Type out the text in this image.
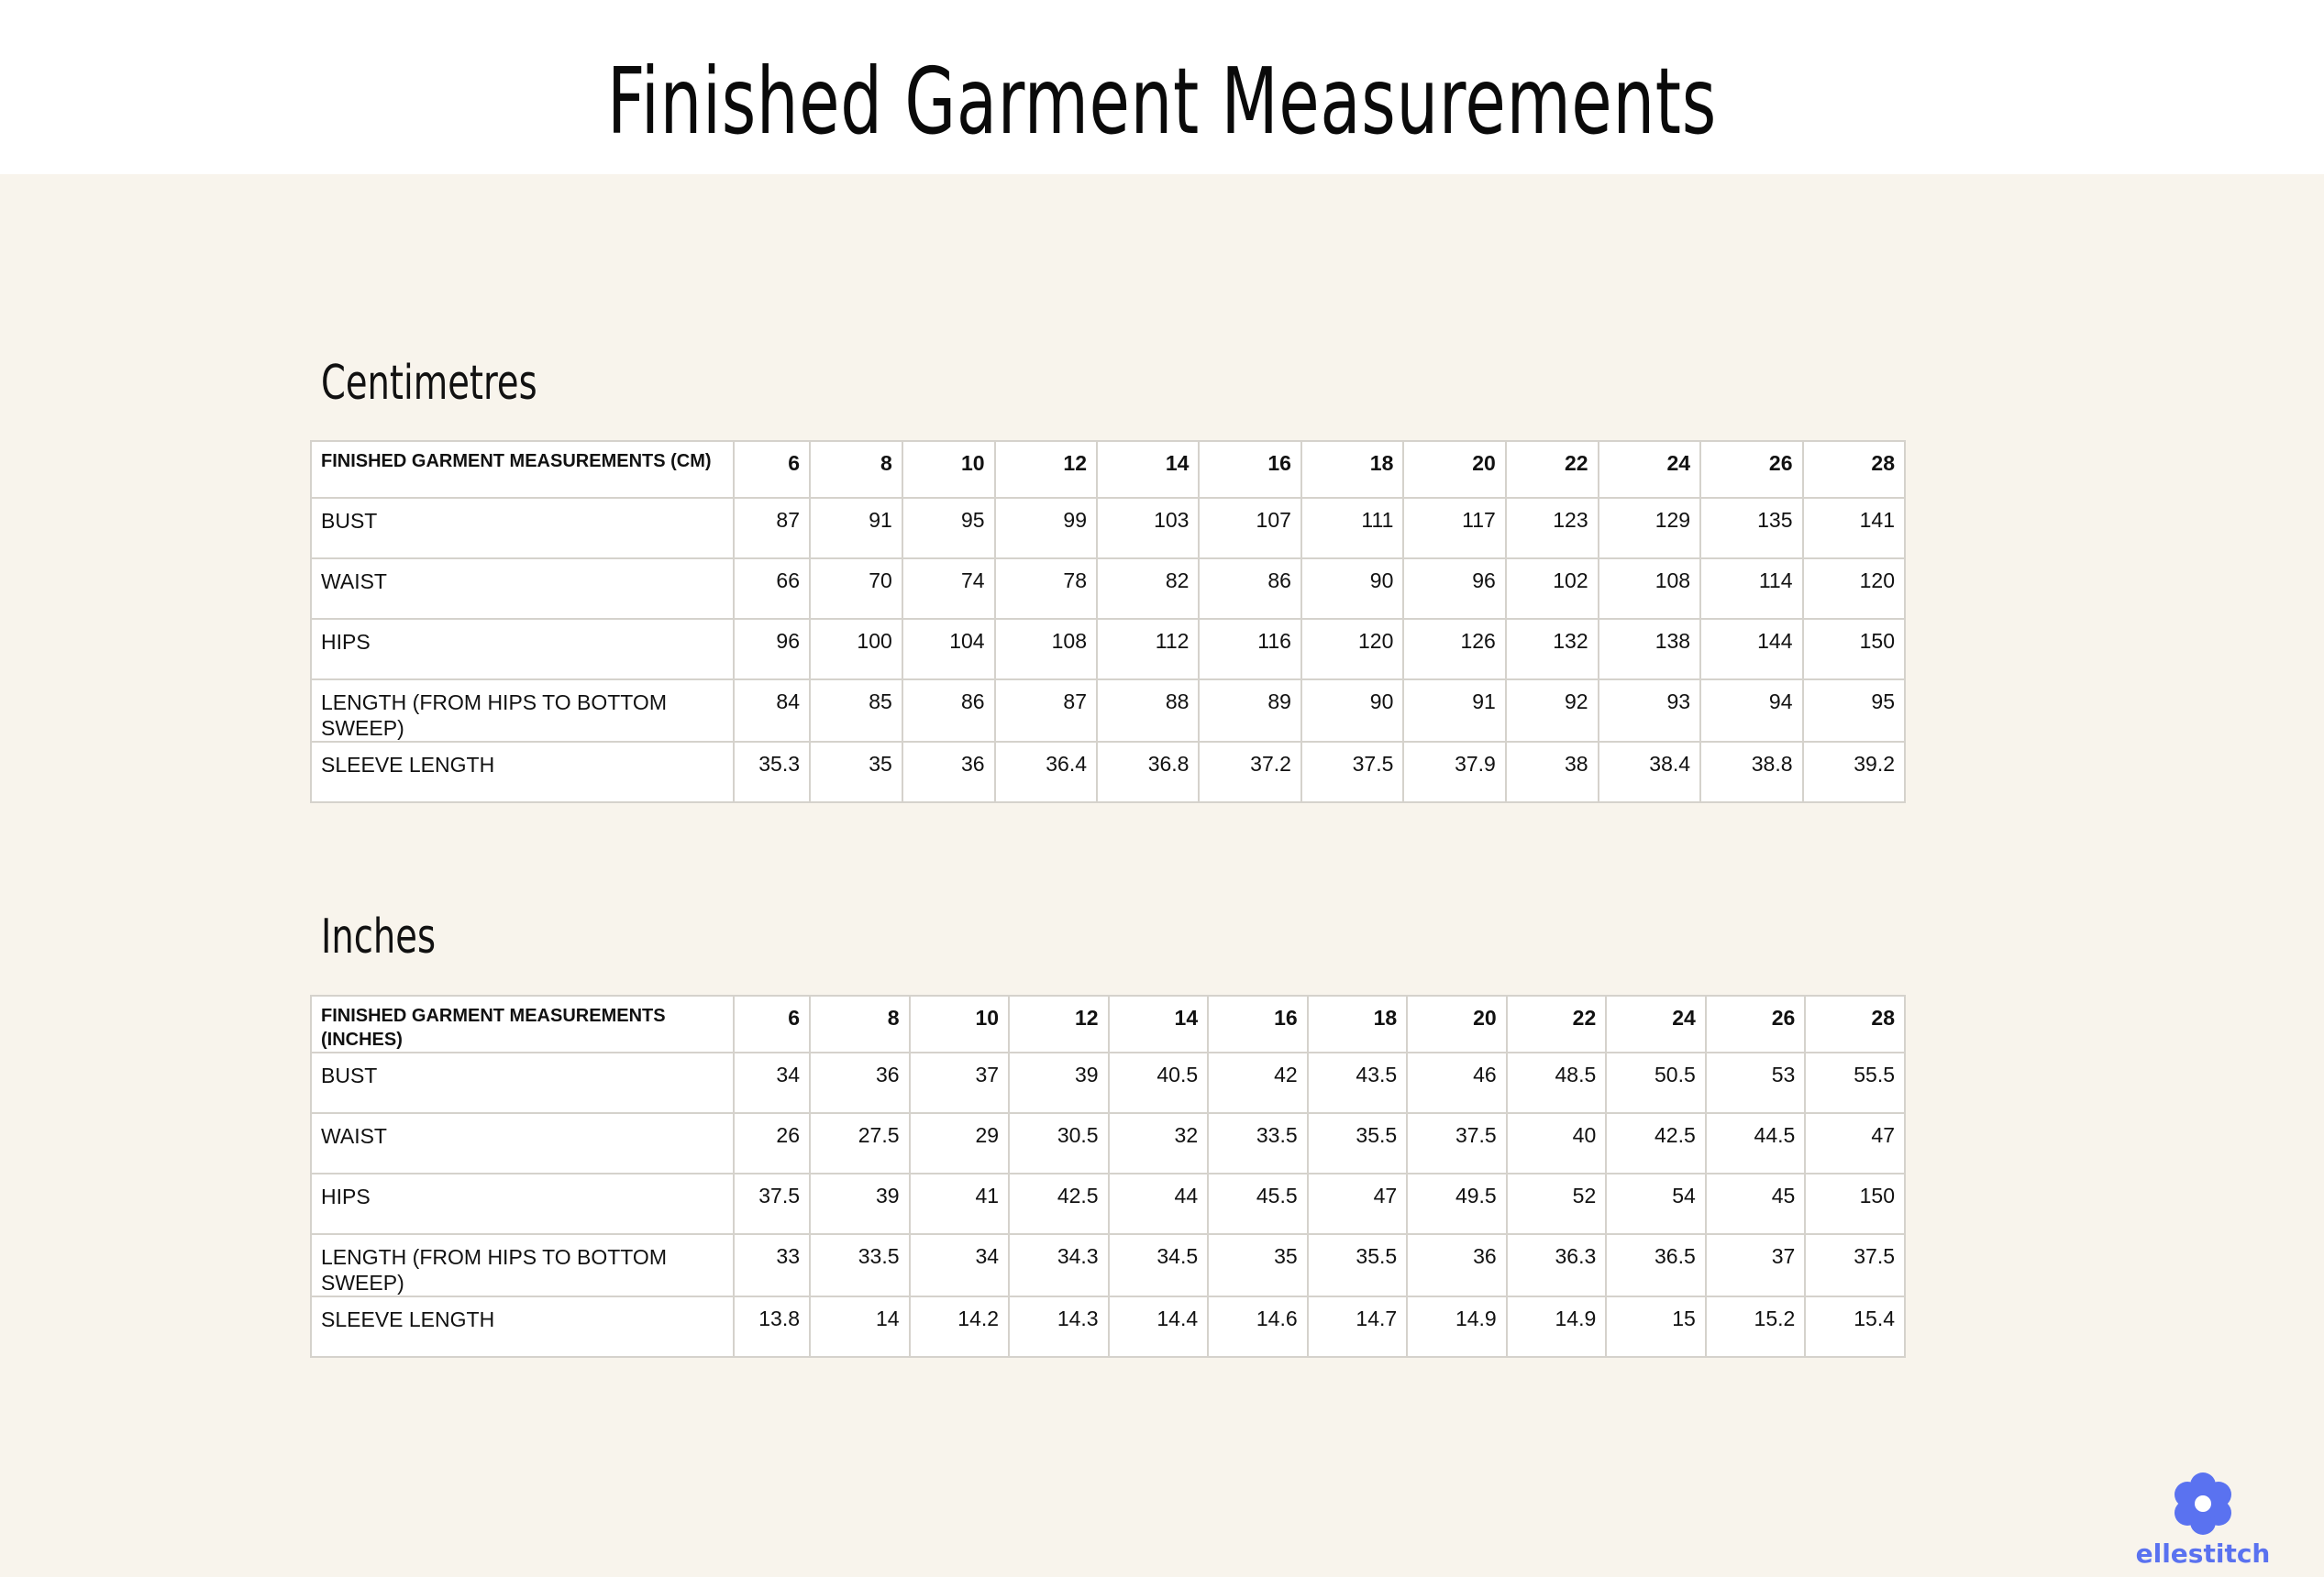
Finished Garment Measurements
Centimetres
FINISHED GARMENT MEASUREMENTS (CM)	6	8	10	12	14	16	18	20	22	24	26	28
BUST	87	91	95	99	103	107	111	117	123	129	135	141
WAIST	66	70	74	78	82	86	90	96	102	108	114	120
HIPS	96	100	104	108	112	116	120	126	132	138	144	150
LENGTH (FROM HIPS TO BOTTOM SWEEP)	84	85	86	87	88	89	90	91	92	93	94	95
SLEEVE LENGTH	35.3	35	36	36.4	36.8	37.2	37.5	37.9	38	38.4	38.8	39.2
Inches
FINISHED GARMENT MEASUREMENTS (INCHES)	6	8	10	12	14	16	18	20	22	24	26	28
BUST	34	36	37	39	40.5	42	43.5	46	48.5	50.5	53	55.5
WAIST	26	27.5	29	30.5	32	33.5	35.5	37.5	40	42.5	44.5	47
HIPS	37.5	39	41	42.5	44	45.5	47	49.5	52	54	45	150
LENGTH (FROM HIPS TO BOTTOM SWEEP)	33	33.5	34	34.3	34.5	35	35.5	36	36.3	36.5	37	37.5
SLEEVE LENGTH	13.8	14	14.2	14.3	14.4	14.6	14.7	14.9	14.9	15	15.2	15.4
ellestitch
